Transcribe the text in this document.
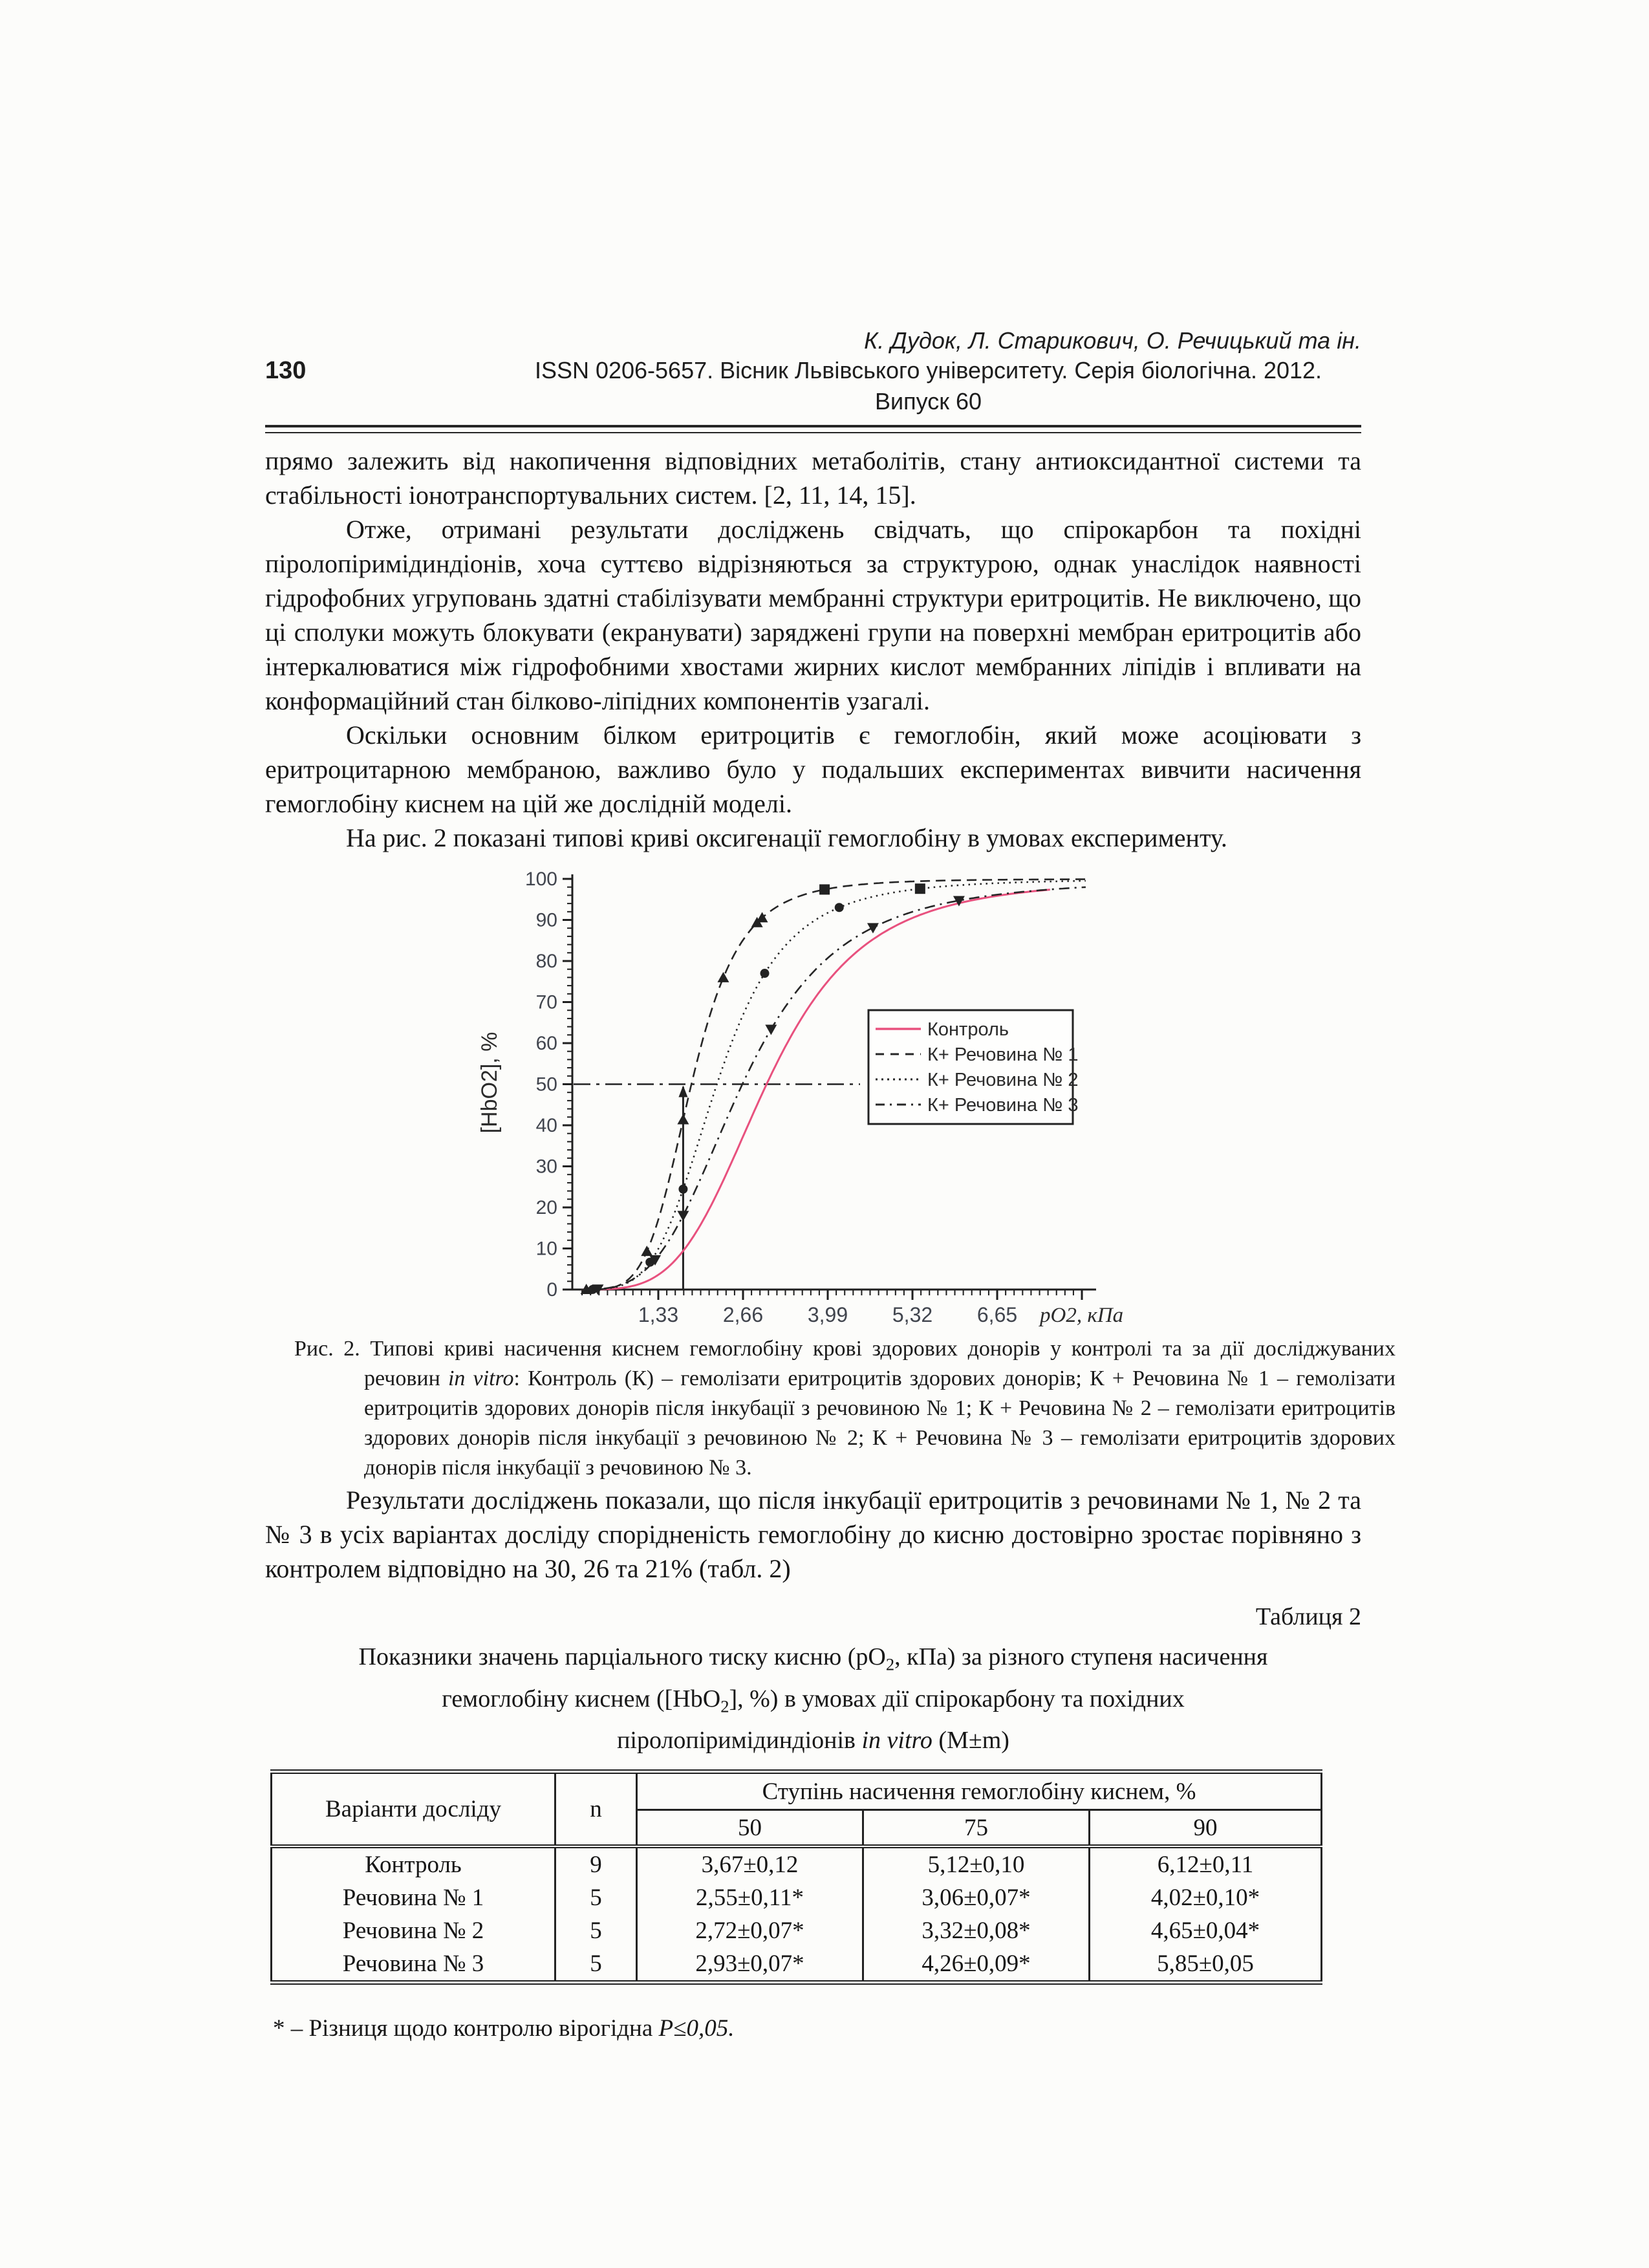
К. Дудок, Л. Старикович, О. Речицький та ін.
130	ISSN 0206-5657. Вісник Львівського університету. Серія біологічна. 2012. Випуск 60

прямо залежить від накопичення відповідних метаболітів, стану антиоксидантної системи та стабільності іонотранспортувальних систем. [2, 11, 14, 15].

Отже, отримані результати досліджень свідчать, що спірокарбон та похідні піролопіримідиндіонів, хоча суттєво відрізняються за структурою, однак унаслідок наявності гідрофобних угруповань здатні стабілізувати мембранні структури еритроцитів. Не виключено, що ці сполуки можуть блокувати (екранувати) заряджені групи на поверхні мембран еритроцитів або інтеркалюватися між гідрофобними хвостами жирних кислот мембранних ліпідів і впливати на конформаційний стан білково-ліпідних компонентів узагалі.

Оскільки основним білком еритроцитів є гемоглобін, який може асоціювати з еритроцитарною мембраною, важливо було у подальших експериментах вивчити насичення гемоглобіну киснем на цій же дослідній моделі.

На рис. 2 показані типові криві оксигенації гемоглобіну в умовах експерименту.

0
10
20
30
40
50
60
70
80
90
100
1,33 2,66 3,99 5,32 6,65 pO2, кПа
[HbO2], %
Контроль
К+ Речовина № 1
К+ Речовина № 2
К+ Речовина № 3
Рис. 2. Типові криві насичення киснем гемоглобіну крові здорових донорів у контролі та за дії досліджуваних речовин in vitro: Контроль (К) – гемолізати еритроцитів здорових донорів; К + Речовина № 1 – гемолізати еритроцитів здорових донорів після інкубації з речовиною № 1; К + Речовина № 2 – гемолізати еритроцитів здорових донорів після інкубації з речовиною № 2; К + Речовина № 3 – гемолізати еритроцитів здорових донорів після інкубації з речовиною № 3.

Результати досліджень показали, що після інкубації еритроцитів з речовинами № 1, № 2 та № 3 в усіх варіантах досліду спорідненість гемоглобіну до кисню достовірно зростає порівняно з контролем відповідно на 30, 26 та 21% (табл. 2)

Таблиця 2
Показники значень парціального тиску кисню ($pO_2$, кПа) за різного ступеня насичення гемоглобіну киснем ([HbO$_2$], %) в умовах дії спірокарбону та похідних піролопіримідиндіонів in vitro (M±m)
Варіанти досліду	n	Ступінь насичення гемоглобіну киснем, %		
		50	75	90
Контроль	9	3,67±0,12	5,12±0,10	6,12±0,11
Речовина № 1	5	2,55±0,11*	3,06±0,07*	4,02±0,10*
Речовина № 2	5	2,72±0,07*	3,32±0,08*	4,65±0,04*
Речовина № 3	5	2,93±0,07*	4,26±0,09*	5,85±0,05
* – Різниця щодо контролю вірогідна P≤0,05.
